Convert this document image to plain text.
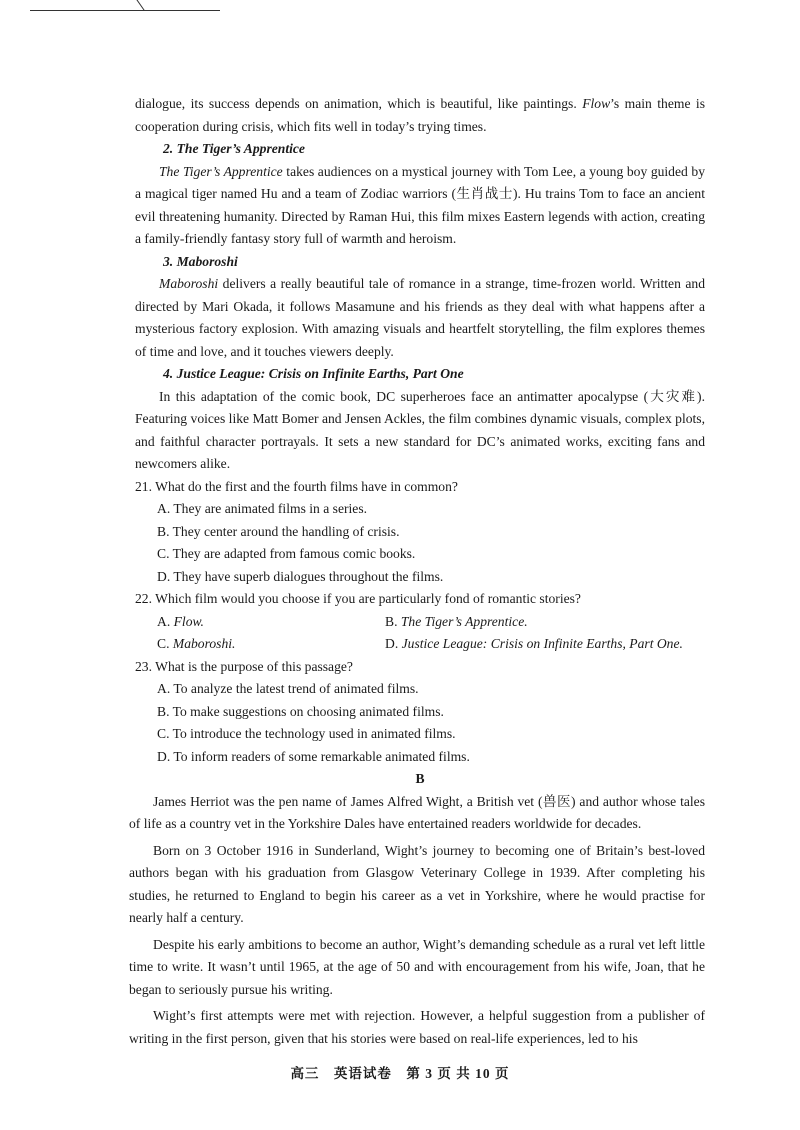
dialogue, its success depends on animation, which is beautiful, like paintings. Flow’s main theme is cooperation during crisis, which fits well in today’s trying times.

2. The Tiger’s Apprentice

The Tiger’s Apprentice takes audiences on a mystical journey with Tom Lee, a young boy guided by a magical tiger named Hu and a team of Zodiac warriors (生肖战士). Hu trains Tom to face an ancient evil threatening humanity. Directed by Raman Hui, this film mixes Eastern legends with action, creating a family-friendly fantasy story full of warmth and heroism.

3. Maboroshi

Maboroshi delivers a really beautiful tale of romance in a strange, time-frozen world. Written and directed by Mari Okada, it follows Masamune and his friends as they deal with what happens after a mysterious factory explosion. With amazing visuals and heartfelt storytelling, the film explores themes of time and love, and it touches viewers deeply.

4. Justice League: Crisis on Infinite Earths, Part One

In this adaptation of the comic book, DC superheroes face an antimatter apocalypse (大灾难). Featuring voices like Matt Bomer and Jensen Ackles, the film combines dynamic visuals, complex plots, and faithful character portrayals. It sets a new standard for DC’s animated works, exciting fans and newcomers alike.

21. What do the first and the fourth films have in common?

A. They are animated films in a series.

B. They center around the handling of crisis.

C. They are adapted from famous comic books.

D. They have superb dialogues throughout the films.

22. Which film would you choose if you are particularly fond of romantic stories?

A. Flow.	B. The Tiger’s Apprentice.
C. Maboroshi.	D. Justice League: Crisis on Infinite Earths, Part One.

23. What is the purpose of this passage?

A. To analyze the latest trend of animated films.

B. To make suggestions on choosing animated films.

C. To introduce the technology used in animated films.

D. To inform readers of some remarkable animated films.

B

James Herriot was the pen name of James Alfred Wight, a British vet (兽医) and author whose tales of life as a country vet in the Yorkshire Dales have entertained readers worldwide for decades.

Born on 3 October 1916 in Sunderland, Wight’s journey to becoming one of Britain’s best-loved authors began with his graduation from Glasgow Veterinary College in 1939. After completing his studies, he returned to England to begin his career as a vet in Yorkshire, where he would practise for nearly half a century.

Despite his early ambitions to become an author, Wight’s demanding schedule as a rural vet left little time to write. It wasn’t until 1965, at the age of 50 and with encouragement from his wife, Joan, that he began to seriously pursue his writing.

Wight’s first attempts were met with rejection. However, a helpful suggestion from a publisher of writing in the first person, given that his stories were based on real-life experiences, led to his

高三　英语试卷　第 3 页 共 10 页
